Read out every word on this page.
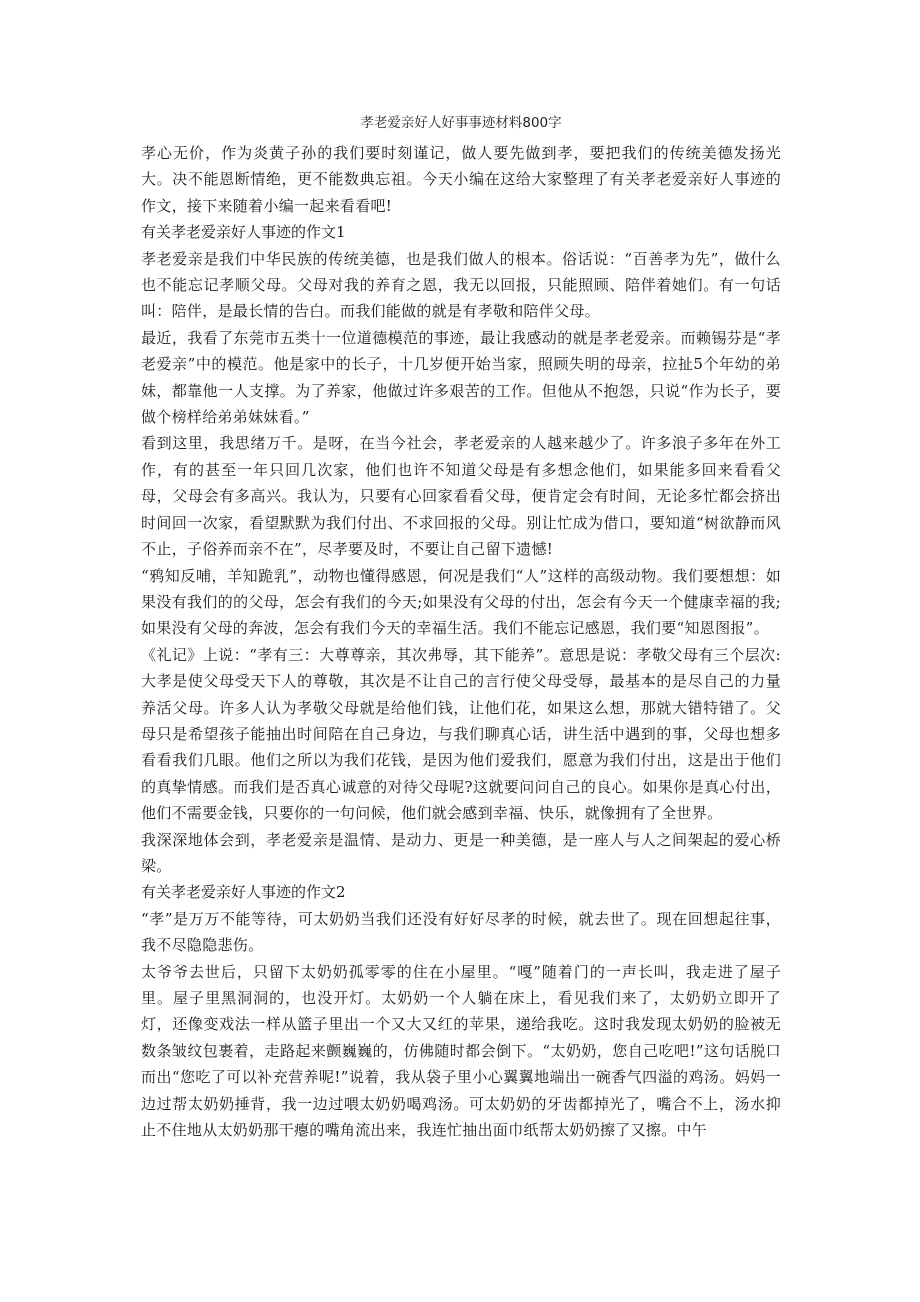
孝老爱亲好人好事事迹材料800字

孝心无价，作为炎黄子孙的我们要时刻谨记，做人要先做到孝，要把我们的传统美德发扬光大。决不能恩断情绝，更不能数典忘祖。今天小编在这给大家整理了有关孝老爱亲好人事迹的作文，接下来随着小编一起来看看吧!

有关孝老爱亲好人事迹的作文1

孝老爱亲是我们中华民族的传统美德，也是我们做人的根本。俗话说：“百善孝为先”，做什么也不能忘记孝顺父母。父母对我的养育之恩，我无以回报，只能照顾、陪伴着她们。有一句话叫：陪伴，是最长情的告白。而我们能做的就是有孝敬和陪伴父母。

最近，我看了东莞市五类十一位道德模范的事迹，最让我感动的就是孝老爱亲。而赖锡芬是“孝老爱亲”中的模范。他是家中的长子，十几岁便开始当家，照顾失明的母亲，拉扯5个年幼的弟妹，都靠他一人支撑。为了养家，他做过许多艰苦的工作。但他从不抱怨，只说“作为长子，要做个榜样给弟弟妹妹看。”

看到这里，我思绪万千。是呀，在当今社会，孝老爱亲的人越来越少了。许多浪子多年在外工作，有的甚至一年只回几次家，他们也许不知道父母是有多想念他们，如果能多回来看看父母，父母会有多高兴。我认为，只要有心回家看看父母，便肯定会有时间，无论多忙都会挤出时间回一次家，看望默默为我们付出、不求回报的父母。别让忙成为借口，要知道“树欲静而风不止，子俗养而亲不在”，尽孝要及时，不要让自己留下遗憾!

“鸦知反哺，羊知跪乳”，动物也懂得感恩，何况是我们“人”这样的高级动物。我们要想想：如果没有我们的的父母，怎会有我们的今天;如果没有父母的付出，怎会有今天一个健康幸福的我;如果没有父母的奔波，怎会有我们今天的幸福生活。我们不能忘记感恩，我们要“知恩图报”。

《礼记》上说：“孝有三：大尊尊亲，其次弗辱，其下能养”。意思是说：孝敬父母有三个层次:大孝是使父母受天下人的尊敬，其次是不让自己的言行使父母受辱，最基本的是尽自己的力量养活父母。许多人认为孝敬父母就是给他们钱，让他们花，如果这么想，那就大错特错了。父母只是希望孩子能抽出时间陪在自己身边，与我们聊真心话，讲生活中遇到的事，父母也想多看看我们几眼。他们之所以为我们花钱，是因为他们爱我们，愿意为我们付出，这是出于他们的真挚情感。而我们是否真心诚意的对待父母呢?这就要问问自己的良心。如果你是真心付出，他们不需要金钱，只要你的一句问候，他们就会感到幸福、快乐，就像拥有了全世界。

我深深地体会到，孝老爱亲是温情、是动力、更是一种美德，是一座人与人之间架起的爱心桥梁。

有关孝老爱亲好人事迹的作文2

“孝”是万万不能等待，可太奶奶当我们还没有好好尽孝的时候，就去世了。现在回想起往事，我不尽隐隐悲伤。

太爷爷去世后，只留下太奶奶孤零零的住在小屋里。“嘎”随着门的一声长叫，我走进了屋子里。屋子里黑洞洞的，也没开灯。太奶奶一个人躺在床上，看见我们来了，太奶奶立即开了灯，还像变戏法一样从篮子里出一个又大又红的苹果，递给我吃。这时我发现太奶奶的脸被无数条皱纹包裹着，走路起来颤巍巍的，仿佛随时都会倒下。“太奶奶，您自己吃吧!”这句话脱口而出“您吃了可以补充营养呢!”说着，我从袋子里小心翼翼地端出一碗香气四溢的鸡汤。妈妈一边过帮太奶奶捶背，我一边过喂太奶奶喝鸡汤。可太奶奶的牙齿都掉光了，嘴合不上，汤水抑止不住地从太奶奶那干瘪的嘴角流出来，我连忙抽出面巾纸帮太奶奶擦了又擦。中午
